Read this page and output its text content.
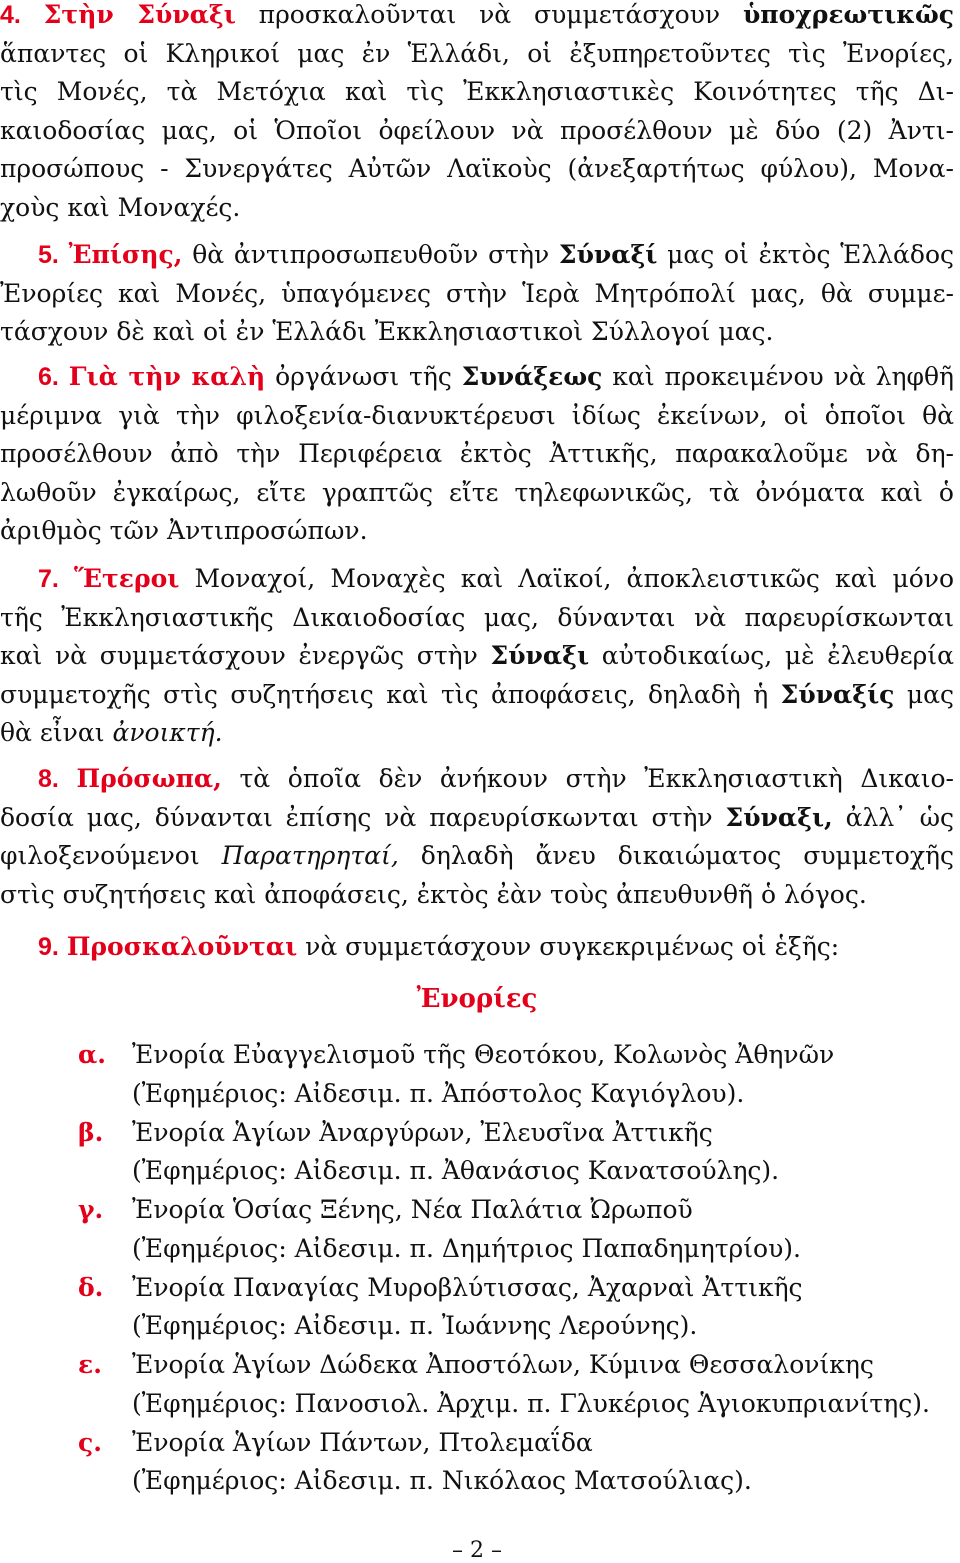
4. Στὴν Σύναξι προσκαλοῦνται νὰ συμμετάσχουν ὑποχρεωτικῶς
ἅπαντες οἱ Κληρικοί μας ἐν Ἑλλάδι, οἱ ἐξυπηρετοῦντες τὶς Ἐνορίες,
τὶς Μονές, τὰ Μετόχια καὶ τὶς Ἐκκλησιαστικὲς Κοινότητες τῆς Δι-
καιοδοσίας μας, οἱ Ὁποῖοι ὀφείλουν νὰ προσέλθουν μὲ δύο (2) Ἀντι-
προσώπους - Συνεργάτες Αὐτῶν Λαϊκοὺς (ἀνεξαρτήτως φύλου), Μονα-
χοὺς καὶ Μοναχές.
5. Ἐπίσης, θὰ ἀντιπροσωπευθοῦν στὴν Σύναξί μας οἱ ἐκτὸς Ἑλλάδος
Ἐνορίες καὶ Μονές, ὑπαγόμενες στὴν Ἱερὰ Μητρόπολί μας, θὰ συμμε-
τάσχουν δὲ καὶ οἱ ἐν Ἑλλάδι Ἐκκλησιαστικοὶ Σύλλογοί μας.
6. Γιὰ τὴν καλὴ ὀργάνωσι τῆς Συνάξεως καὶ προκειμένου νὰ ληφθῆ
μέριμνα γιὰ τὴν φιλοξενία-διανυκτέρευσι ἰδίως ἐκείνων, οἱ ὁποῖοι θὰ
προσέλθουν ἀπὸ τὴν Περιφέρεια ἐκτὸς Ἀττικῆς, παρακαλοῦμε νὰ δη-
λωθοῦν ἐγκαίρως, εἴτε γραπτῶς εἴτε τηλεφωνικῶς, τὰ ὀνόματα καὶ ὁ
ἀριθμὸς τῶν Ἀντιπροσώπων.
7. Ἕτεροι Μοναχοί, Μοναχὲς καὶ Λαϊκοί, ἀποκλειστικῶς καὶ μόνο
τῆς Ἐκκλησιαστικῆς Δικαιοδοσίας μας, δύνανται νὰ παρευρίσκωνται
καὶ νὰ συμμετάσχουν ἐνεργῶς στὴν Σύναξι αὐτοδικαίως, μὲ ἐλευθερία
συμμετοχῆς στὶς συζητήσεις καὶ τὶς ἀποφάσεις, δηλαδὴ ἡ Σύναξίς μας
θὰ εἶναι ἀνοικτή.
8. Πρόσωπα, τὰ ὁποῖα δὲν ἀνήκουν στὴν Ἐκκλησιαστικὴ Δικαιο-
δοσία μας, δύνανται ἐπίσης νὰ παρευρίσκωνται στὴν Σύναξι, ἀλλ᾽ ὡς
φιλοξενούμενοι Παρατηρηταί, δηλαδὴ ἄνευ δικαιώματος συμμετοχῆς
στὶς συζητήσεις καὶ ἀποφάσεις, ἐκτὸς ἐὰν τοὺς ἀπευθυνθῆ ὁ λόγος.
9. Προσκαλοῦνται νὰ συμμετάσχουν συγκεκριμένως οἱ ἑξῆς:
Ἐνορίες
α. Ἐνορία Εὐαγγελισμοῦ τῆς Θεοτόκου, Κολωνὸς Ἀθηνῶν
(Ἐφημέριος: Αἰδεσιμ. π. Ἀπόστολος Καγιόγλου).
β. Ἐνορία Ἁγίων Ἀναργύρων, Ἐλευσῖνα Ἀττικῆς
(Ἐφημέριος: Αἰδεσιμ. π. Ἀθανάσιος Κανατσούλης).
γ. Ἐνορία Ὁσίας Ξένης, Νέα Παλάτια Ὠρωποῦ
(Ἐφημέριος: Αἰδεσιμ. π. Δημήτριος Παπαδημητρίου).
δ. Ἐνορία Παναγίας Μυροβλύτισσας, Ἀχαρναὶ Ἀττικῆς
(Ἐφημέριος: Αἰδεσιμ. π. Ἰωάννης Λερούνης).
ε. Ἐνορία Ἁγίων Δώδεκα Ἀποστόλων, Κύμινα Θεσσαλονίκης
(Ἐφημέριος: Πανοσιολ. Ἀρχιμ. π. Γλυκέριος Ἁγιοκυπριανίτης).
ς. Ἐνορία Ἁγίων Πάντων, Πτολεμαΐδα
(Ἐφημέριος: Αἰδεσιμ. π. Νικόλαος Ματσούλιας).
– 2 –
